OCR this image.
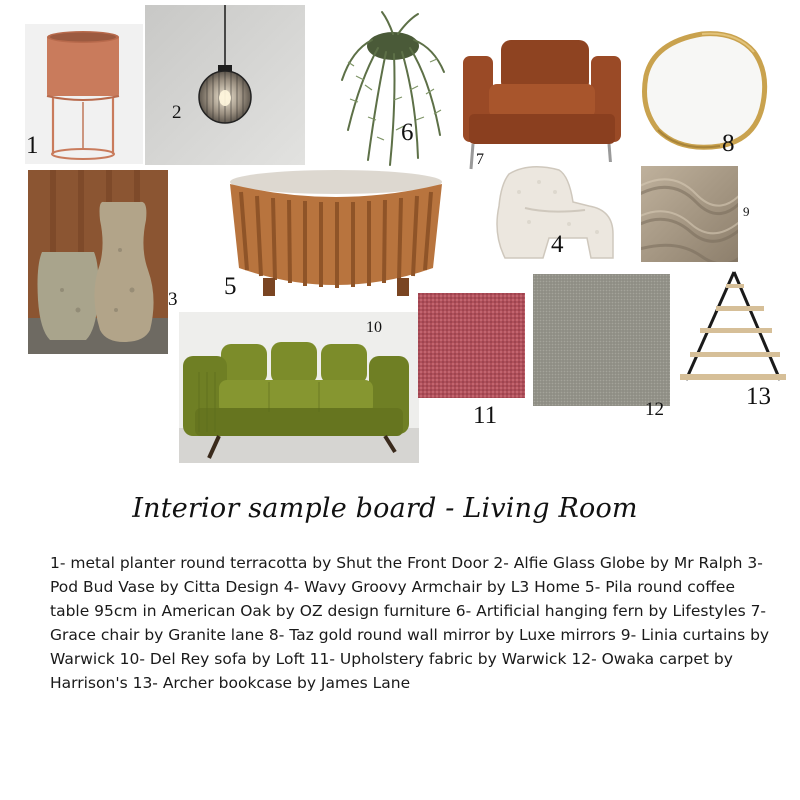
1
2
6
7
8
3 5
4
9
10
11	12	13
Interior sample board - Living Room

1- metal planter round terracotta by Shut the Front Door 2- Alfie Glass Globe by Mr Ralph 3- Pod Bud Vase by Citta Design 4- Wavy Groovy Armchair by L3 Home 5- Pila round coffee table 95cm in American Oak by OZ design furniture 6- Artificial hanging fern by Lifestyles 7- Grace chair by Granite lane 8- Taz gold round wall mirror by Luxe mirrors 9- Linia curtains by Warwick 10- Del Rey sofa by Loft 11- Upholstery fabric by Warwick 12- Owaka carpet by Harrison's 13- Archer bookcase by James Lane
